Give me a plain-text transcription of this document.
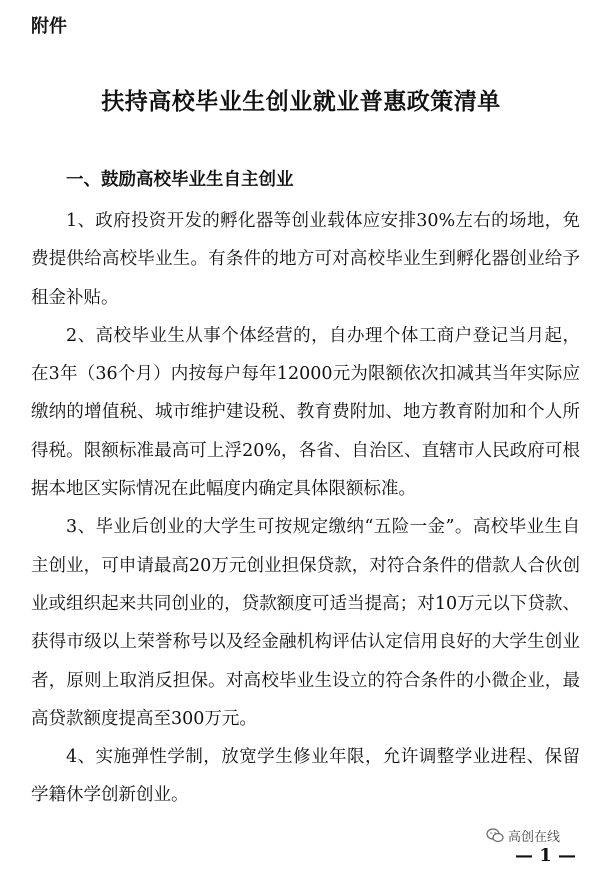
附件
扶持高校毕业生创业就业普惠政策清单
一、鼓励高校毕业生自主创业

1、政府投资开发的孵化器等创业载体应安排30%左右的场地，免费提供给高校毕业生。有条件的地方可对高校毕业生到孵化器创业给予租金补贴。

2、高校毕业生从事个体经营的，自办理个体工商户登记当月起，在3年（36个月）内按每户每年12000元为限额依次扣减其当年实际应缴纳的增值税、城市维护建设税、教育费附加、地方教育附加和个人所得税。限额标准最高可上浮20%，各省、自治区、直辖市人民政府可根据本地区实际情况在此幅度内确定具体限额标准。

3、毕业后创业的大学生可按规定缴纳“五险一金”。高校毕业生自主创业，可申请最高20万元创业担保贷款，对符合条件的借款人合伙创业或组织起来共同创业的，贷款额度可适当提高；对10万元以下贷款、获得市级以上荣誉称号以及经金融机构评估认定信用良好的大学生创业者，原则上取消反担保。对高校毕业生设立的符合条件的小微企业，最高贷款额度提高至300万元。

4、实施弹性学制，放宽学生修业年限，允许调整学业进程、保留学籍休学创新创业。

高创在线
— 1 —
